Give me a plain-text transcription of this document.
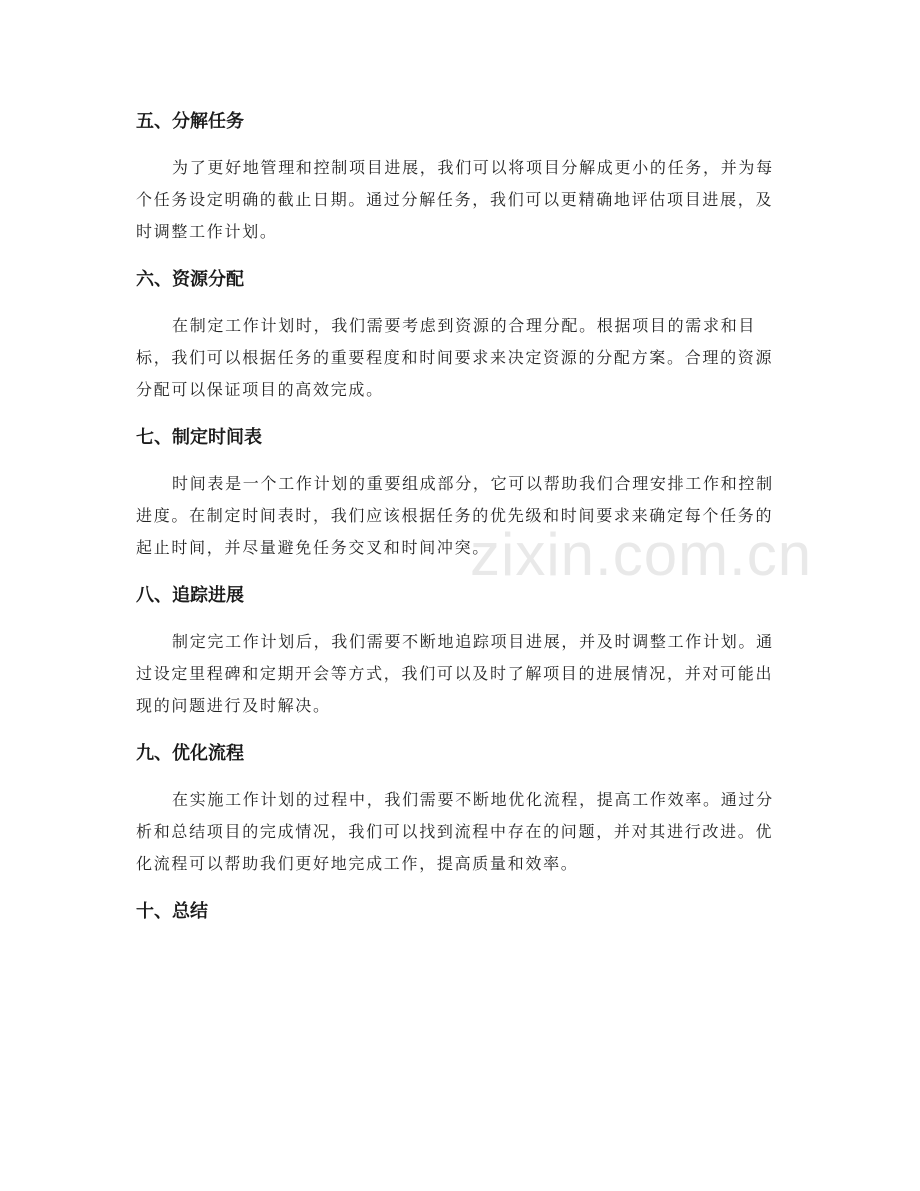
zixin.com.cn
五、分解任务

为了更好地管理和控制项目进展，我们可以将项目分解成更小的任务，并为每个任务设定明确的截止日期。通过分解任务，我们可以更精确地评估项目进展，及时调整工作计划。

六、资源分配

在制定工作计划时，我们需要考虑到资源的合理分配。根据项目的需求和目标，我们可以根据任务的重要程度和时间要求来决定资源的分配方案。合理的资源分配可以保证项目的高效完成。

七、制定时间表

时间表是一个工作计划的重要组成部分，它可以帮助我们合理安排工作和控制进度。在制定时间表时，我们应该根据任务的优先级和时间要求来确定每个任务的起止时间，并尽量避免任务交叉和时间冲突。

八、追踪进展

制定完工作计划后，我们需要不断地追踪项目进展，并及时调整工作计划。通过设定里程碑和定期开会等方式，我们可以及时了解项目的进展情况，并对可能出现的问题进行及时解决。

九、优化流程

在实施工作计划的过程中，我们需要不断地优化流程，提高工作效率。通过分析和总结项目的完成情况，我们可以找到流程中存在的问题，并对其进行改进。优化流程可以帮助我们更好地完成工作，提高质量和效率。

十、总结
